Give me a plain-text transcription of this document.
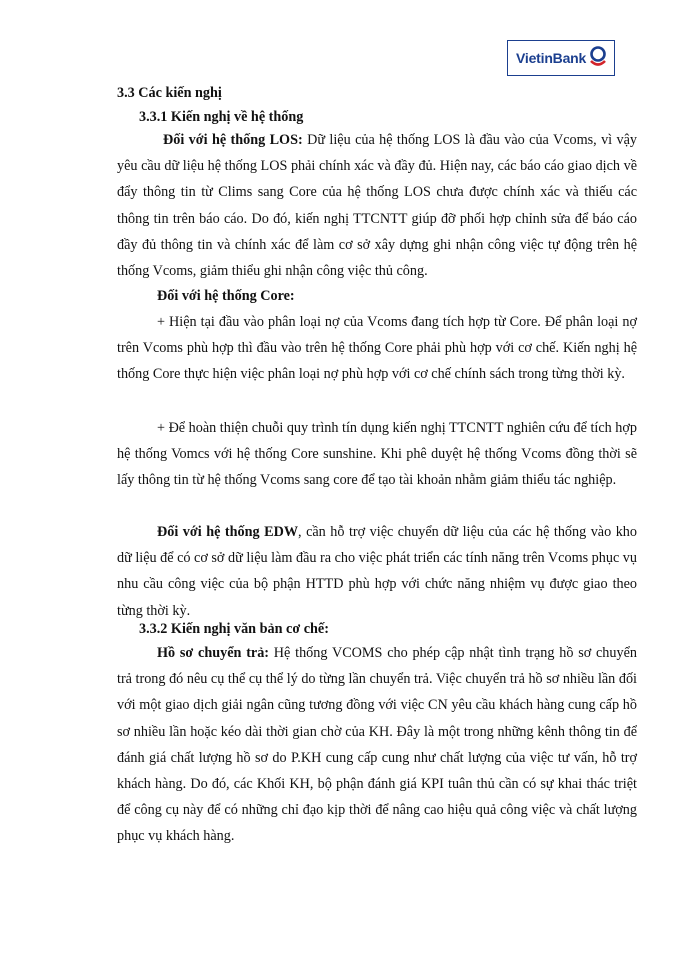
VietinBank
3.3 Các kiến nghị
3.3.1 Kiến nghị về hệ thống

Đối với hệ thống LOS: Dữ liệu của hệ thống LOS là đầu vào của Vcoms, vì vậy yêu cầu dữ liệu hệ thống LOS phải chính xác và đầy đủ. Hiện nay, các báo cáo giao dịch về đẩy thông tin từ Clims sang Core của hệ thống LOS chưa được chính xác và thiếu các thông tin trên báo cáo. Do đó, kiến nghị TTCNTT giúp đỡ phối hợp chỉnh sửa để báo cáo đầy đủ thông tin và chính xác để làm cơ sở xây dựng ghi nhận công việc tự động trên hệ thống Vcoms, giảm thiểu ghi nhận công việc thủ công.

Đối với hệ thống Core:

+ Hiện tại đầu vào phân loại nợ của Vcoms đang tích hợp từ Core. Để phân loại nợ trên Vcoms phù hợp thì đầu vào trên hệ thống Core phải phù hợp với cơ chế. Kiến nghị hệ thống Core thực hiện việc phân loại nợ phù hợp với cơ chế chính sách trong từng thời kỳ.

+ Để hoàn thiện chuỗi quy trình tín dụng kiến nghị TTCNTT nghiên cứu để tích hợp hệ thống Vomcs với hệ thống Core sunshine. Khi phê duyệt hệ thống Vcoms đồng thời sẽ lấy thông tin từ hệ thống Vcoms sang core để tạo tài khoản nhằm giảm thiểu tác nghiệp.

Đối với hệ thống EDW, cần hỗ trợ việc chuyển dữ liệu của các hệ thống vào kho dữ liệu để có cơ sở dữ liệu làm đầu ra cho việc phát triển các tính năng trên Vcoms phục vụ nhu cầu công việc của bộ phận HTTD phù hợp với chức năng nhiệm vụ được giao theo từng thời kỳ.

3.3.2 Kiến nghị văn bản cơ chế:

Hồ sơ chuyển trả: Hệ thống VCOMS cho phép cập nhật tình trạng hồ sơ chuyển trả trong đó nêu cụ thể cụ thể lý do từng lần chuyển trả. Việc chuyển trả hồ sơ nhiều lần đối với một giao dịch giải ngân cũng tương đồng với việc CN yêu cầu khách hàng cung cấp hồ sơ nhiều lần hoặc kéo dài thời gian chờ của KH. Đây là một trong những kênh thông tin để đánh giá chất lượng hồ sơ do P.KH cung cấp cung như chất lượng của việc tư vấn, hỗ trợ khách hàng. Do đó, các Khối KH, bộ phận đánh giá KPI tuân thủ cần có sự khai thác triệt để công cụ này để có những chỉ đạo kịp thời để nâng cao hiệu quả công việc và chất lượng phục vụ khách hàng.
